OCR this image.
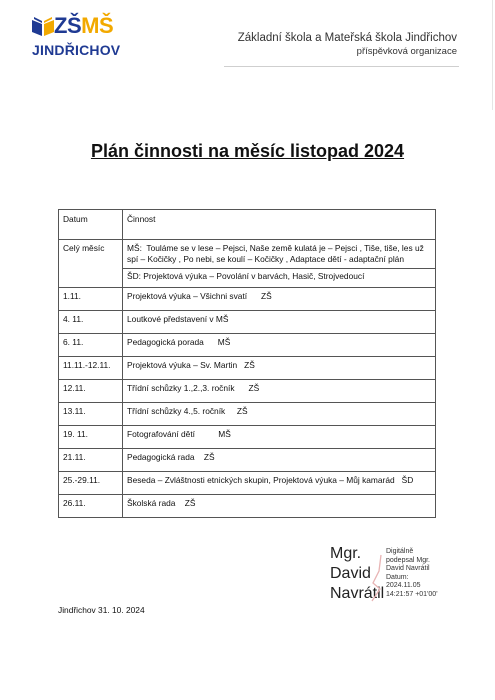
ZŠMŠ
JINDŘICHOV
Základní škola a Mateřská škola Jindřichov
příspěvková organizace
Plán činnosti na měsíc listopad 2024
Datum	Činnost
Celý měsíc	MŠ:  Touláme se v lese – Pejsci, Naše země kulatá je – Pejsci , Tiše, tiše, les už spí – Kočičky , Po nebi, se koulí – Kočičky , Adaptace dětí - adaptační plán
	ŠD: Projektová výuka – Povolání v barvách, Hasič, Strojvedoucí
1.11.	Projektová výuka – Všichni svatí      ZŠ
4. 11.	Loutkové představení v MŠ
6. 11.	Pedagogická porada      MŠ
11.11.-12.11.	Projektová výuka – Sv. Martin   ZŠ
12.11.	Třídní schůzky 1.,2.,3. ročník      ZŠ
13.11.	Třídní schůzky 4.,5. ročník     ZŠ
19. 11.	Fotografování dětí          MŠ
21.11.	Pedagogická rada    ZŠ
25.-29.11.	Beseda – Zvláštnosti etnických skupin, Projektová výuka – Můj kamarád   ŠD
26.11.	Školská rada    ZŠ
Mgr.
David
Navrátil
Digitálně
podepsal Mgr.
David Navrátil
Datum:
2024.11.05
14:21:57 +01'00'
Jindřichov 31. 10. 2024
